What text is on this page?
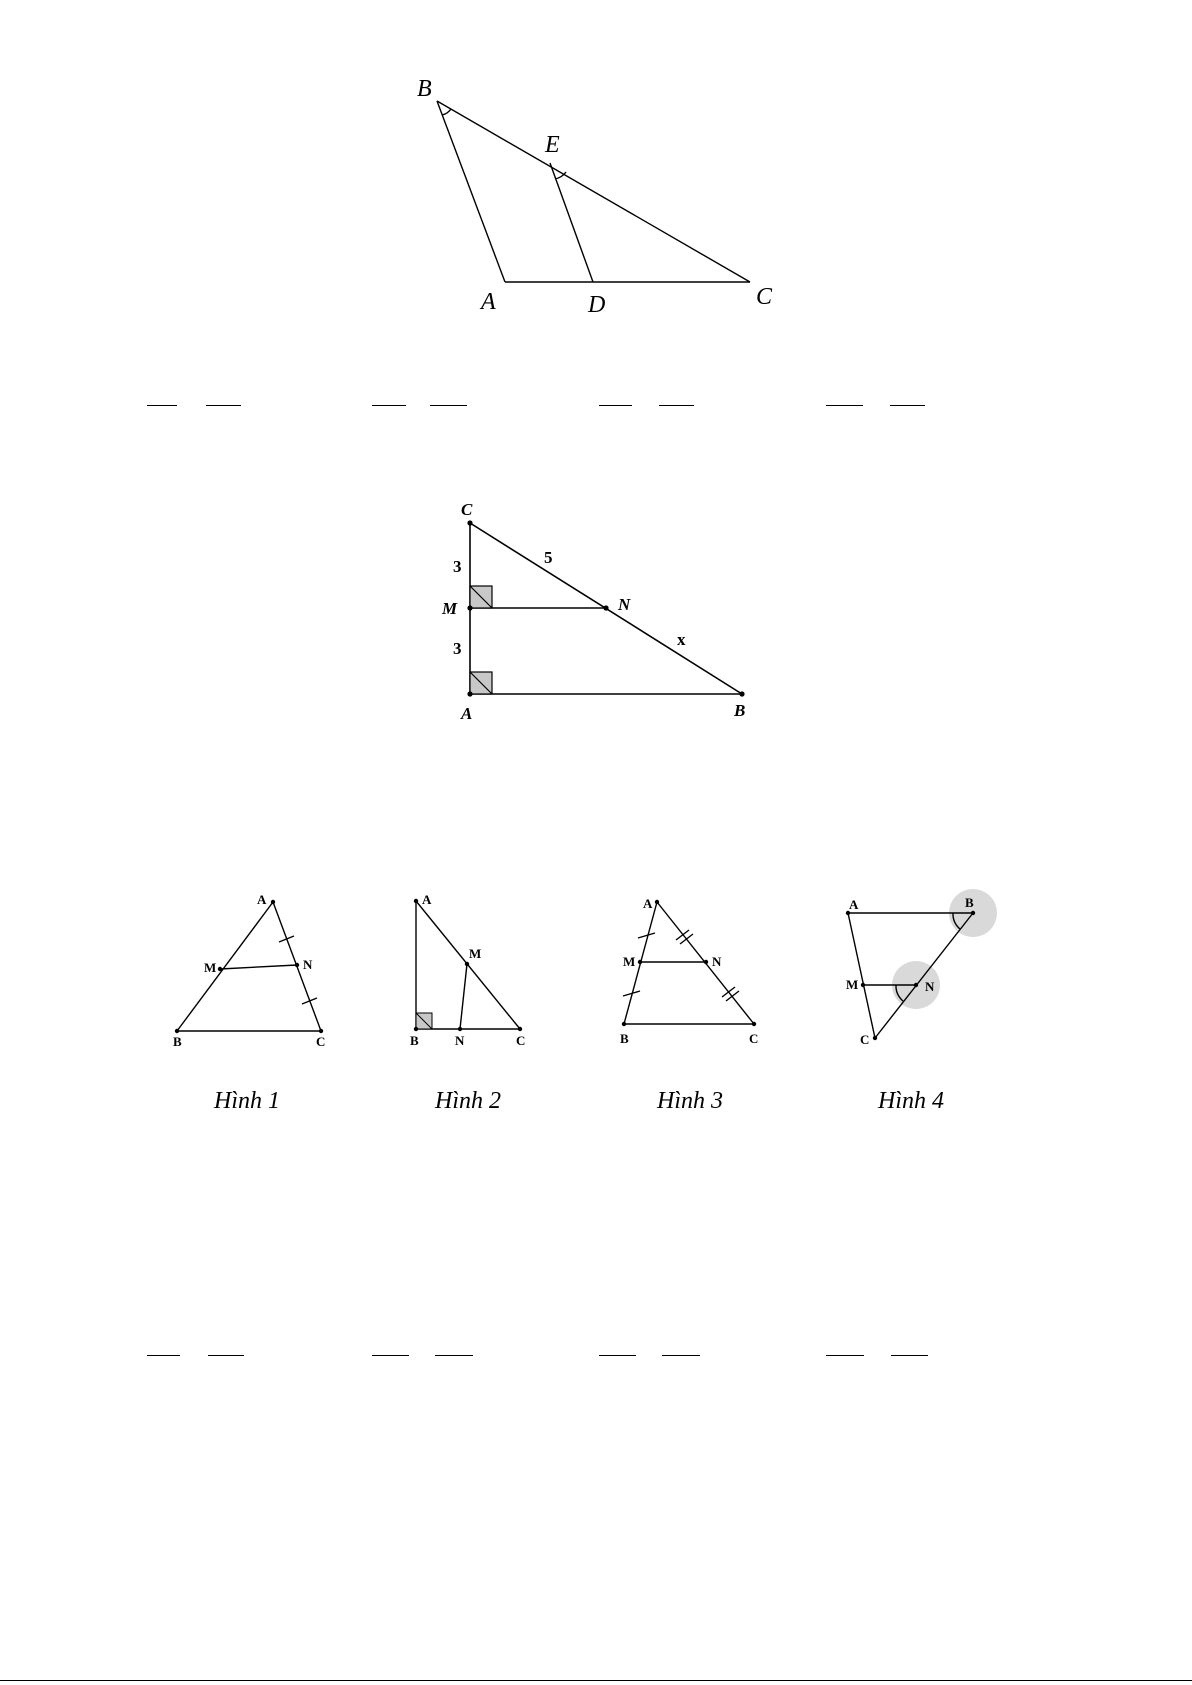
B
E
A	D	C
C
M	N
A	B
3
3
5
x
A
M	N
B	C
Hình 1
A
M
B	N	C
Hình 2
A
M	N
B	C
Hình 3
A	B
M	N
C
Hình 4
